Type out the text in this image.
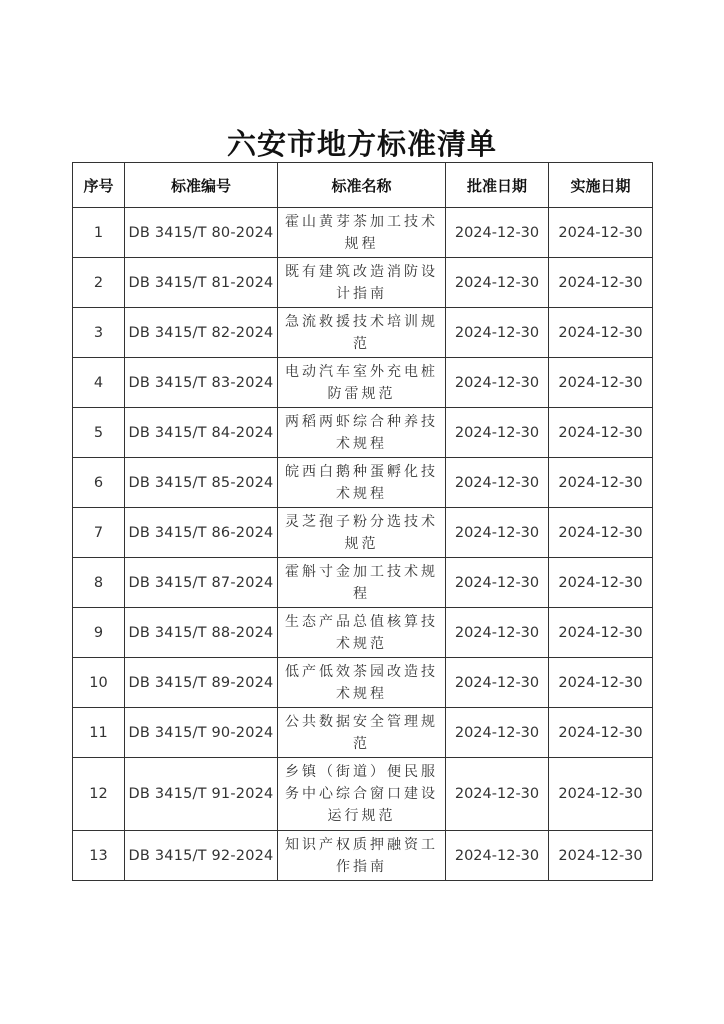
六安市地方标准清单
序号	标准编号	标准名称	批准日期	实施日期
1	DB 3415/T 80-2024	霍山黄芽茶加工技术规程	2024-12-30	2024-12-30
2	DB 3415/T 81-2024	既有建筑改造消防设计指南	2024-12-30	2024-12-30
3	DB 3415/T 82-2024	急流救援技术培训规范	2024-12-30	2024-12-30
4	DB 3415/T 83-2024	电动汽车室外充电桩防雷规范	2024-12-30	2024-12-30
5	DB 3415/T 84-2024	两稻两虾综合种养技术规程	2024-12-30	2024-12-30
6	DB 3415/T 85-2024	皖西白鹅种蛋孵化技术规程	2024-12-30	2024-12-30
7	DB 3415/T 86-2024	灵芝孢子粉分选技术规范	2024-12-30	2024-12-30
8	DB 3415/T 87-2024	霍斛寸金加工技术规程	2024-12-30	2024-12-30
9	DB 3415/T 88-2024	生态产品总值核算技术规范	2024-12-30	2024-12-30
10	DB 3415/T 89-2024	低产低效茶园改造技术规程	2024-12-30	2024-12-30
11	DB 3415/T 90-2024	公共数据安全管理规范	2024-12-30	2024-12-30
12	DB 3415/T 91-2024	乡镇（街道）便民服务中心综合窗口建设运行规范	2024-12-30	2024-12-30
13	DB 3415/T 92-2024	知识产权质押融资工作指南	2024-12-30	2024-12-30
